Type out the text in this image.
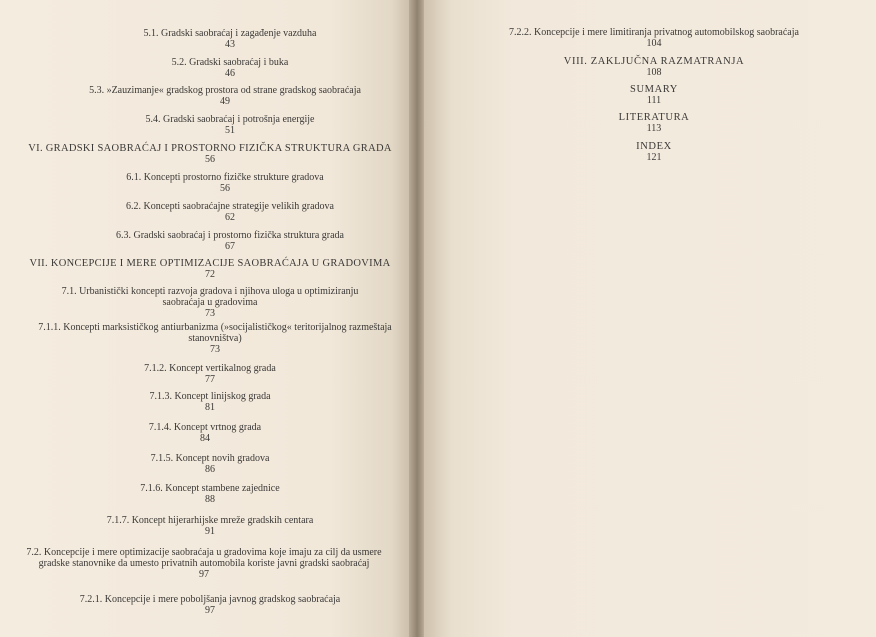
5.1. Gradski saobraćaj i zagađenje vazduha
43
5.2. Gradski saobraćaj i buka
46
5.3. »Zauzimanje« gradskog prostora od strane gradskog saobraćaja
49
5.4. Gradski saobraćaj i potrošnja energije
51
VI. GRADSKI SAOBRAĆAJ I PROSTORNO FIZIČKA STRUKTURA GRADA
56
6.1. Koncepti prostorno fizičke strukture gradova
56
6.2. Koncepti saobraćajne strategije velikih gradova
62
6.3. Gradski saobraćaj i prostorno fizička struktura grada
67
VII. KONCEPCIJE I MERE OPTIMIZACIJE SAOBRAĆAJA U GRADOVIMA
72
7.1. Urbanistički koncepti razvoja gradova i njihova uloga u optimiziranju saobraćaja u gradovima
73
7.1.1. Koncepti marksističkog antiurbanizma (»socijalističkog« teritorijalnog razmeštaja stanovništva)
73
7.1.2. Koncept vertikalnog grada
77
7.1.3. Koncept linijskog grada
81
7.1.4. Koncept vrtnog grada
84
7.1.5. Koncept novih gradova
86
7.1.6. Koncept stambene zajednice
88
7.1.7. Koncept hijerarhijske mreže gradskih centara
91
7.2. Koncepcije i mere optimizacije saobraćaja u gradovima koje imaju za cilj da usmere gradske stanovnike da umesto privatnih automobila koriste javni gradski saobraćaj
97
7.2.1. Koncepcije i mere poboljšanja javnog gradskog saobraćaja
97
7.2.2. Koncepcije i mere limitiranja privatnog automobilskog saobraćaja
104
VIII. ZAKLJUČNA RAZMATRANJA
108
SUMARY
111
LITERATURA
113
INDEX
121
